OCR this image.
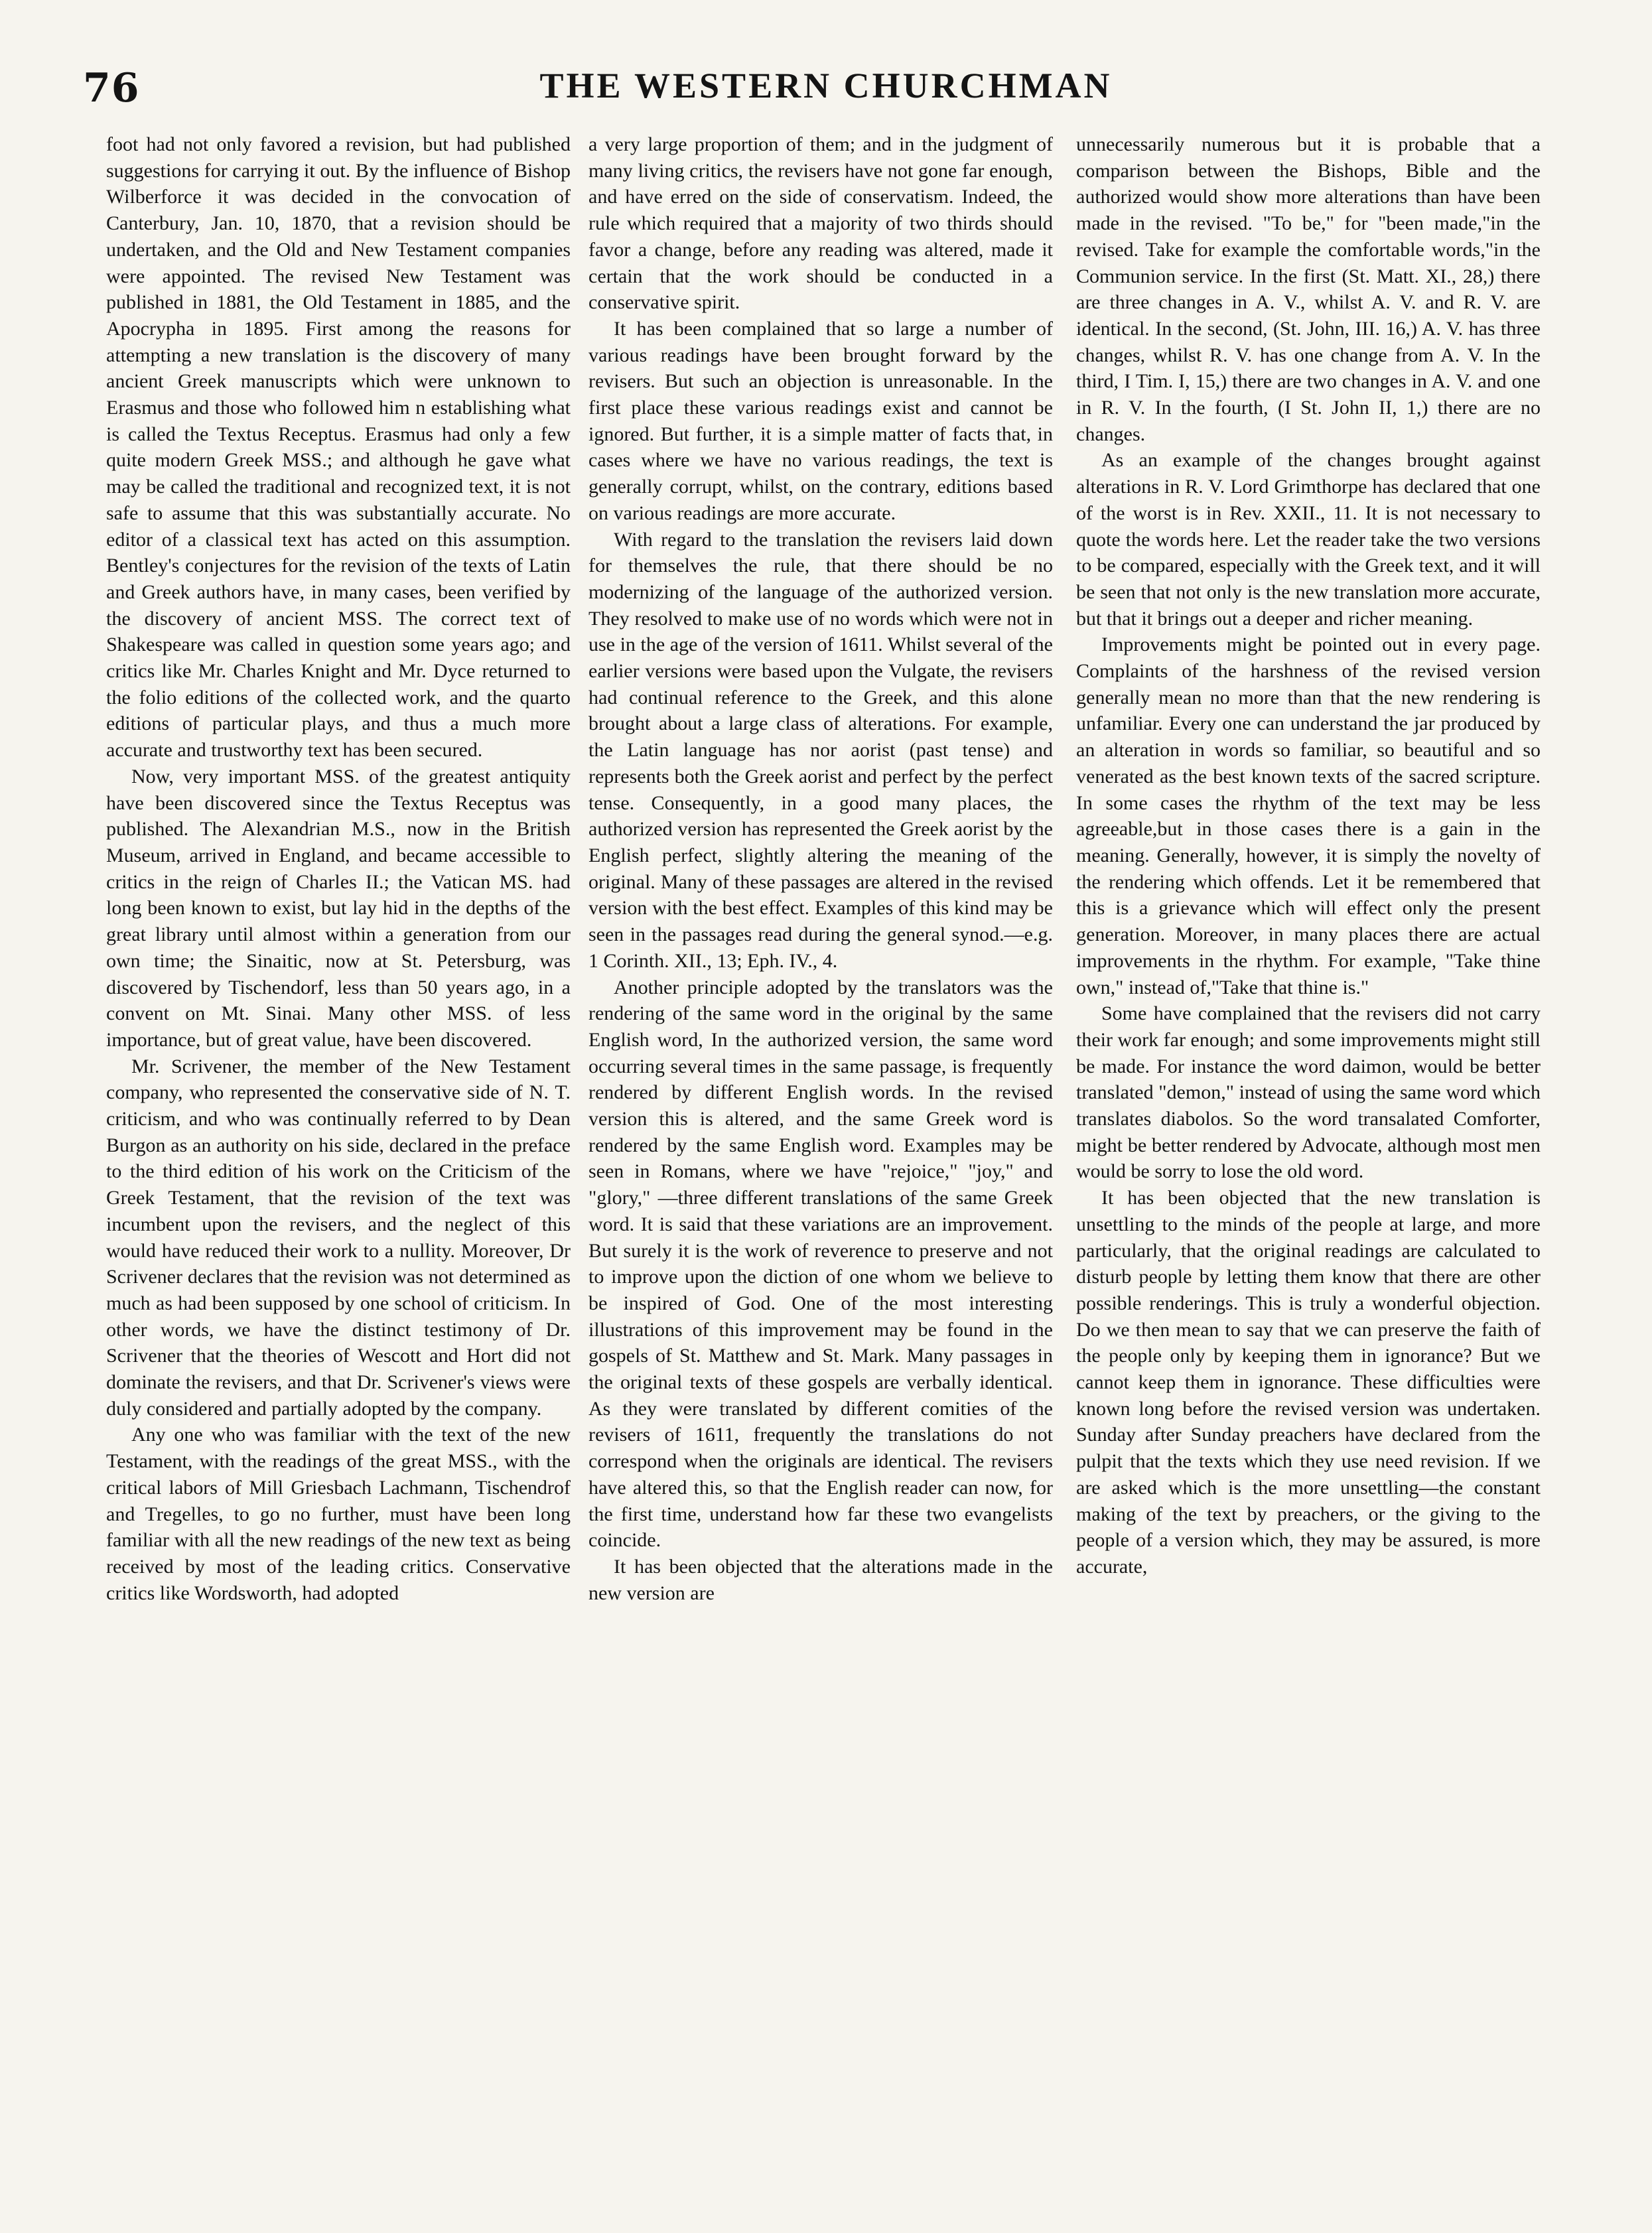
76	THE WESTERN CHURCHMAN

foot had not only favored a revision, but had published suggestions for carrying it out. By the influence of Bishop Wilberforce it was decided in the convocation of Canterbury, Jan. 10, 1870, that a revision should be undertaken, and the Old and New Testament companies were appointed. The revised New Testament was published in 1881, the Old Testament in 1885, and the Apocrypha in 1895. First among the reasons for attempting a new translation is the discovery of many ancient Greek manuscripts which were unknown to Erasmus and those who followed him n establishing what is called the Textus Receptus. Erasmus had only a few quite modern Greek MSS.; and although he gave what may be called the traditional and recognized text, it is not safe to assume that this was substantially accurate. No editor of a classical text has acted on this assumption. Bentley's conjectures for the revision of the texts of Latin and Greek authors have, in many cases, been verified by the discovery of ancient MSS. The correct text of Shakespeare was called in question some years ago; and critics like Mr. Charles Knight and Mr. Dyce returned to the folio editions of the collected work, and the quarto editions of particular plays, and thus a much more accurate and trustworthy text has been secured.

Now, very important MSS. of the greatest antiquity have been discovered since the Textus Receptus was published. The Alexandrian M.S., now in the British Museum, arrived in England, and became accessible to critics in the reign of Charles II.; the Vatican MS. had long been known to exist, but lay hid in the depths of the great library until almost within a generation from our own time; the Sinaitic, now at St. Petersburg, was discovered by Tischendorf, less than 50 years ago, in a convent on Mt. Sinai. Many other MSS. of less importance, but of great value, have been discovered.

Mr. Scrivener, the member of the New Testament company, who represented the conservative side of N. T. criticism, and who was continually referred to by Dean Burgon as an authority on his side, declared in the preface to the third edition of his work on the Criticism of the Greek Testament, that the revision of the text was incumbent upon the revisers, and the neglect of this would have reduced their work to a nullity. Moreover, Dr Scrivener declares that the revision was not determined as much as had been supposed by one school of criticism. In other words, we have the distinct testimony of Dr. Scrivener that the theories of Wescott and Hort did not dominate the revisers, and that Dr. Scrivener's views were duly considered and partially adopted by the company.

Any one who was familiar with the text of the new Testament, with the readings of the great MSS., with the critical labors of Mill Griesbach Lachmann, Tischendrof and Tregelles, to go no further, must have been long familiar with all the new readings of the new text as being received by most of the leading critics. Conservative critics like Wordsworth, had adopted

a very large proportion of them; and in the judgment of many living critics, the revisers have not gone far enough, and have erred on the side of conservatism. Indeed, the rule which required that a majority of two thirds should favor a change, before any reading was altered, made it certain that the work should be conducted in a conservative spirit.

It has been complained that so large a number of various readings have been brought forward by the revisers. But such an objection is unreasonable. In the first place these various readings exist and cannot be ignored. But further, it is a simple matter of facts that, in cases where we have no various readings, the text is generally corrupt, whilst, on the contrary, editions based on various readings are more accurate.

With regard to the translation the revisers laid down for themselves the rule, that there should be no modernizing of the language of the authorized version. They resolved to make use of no words which were not in use in the age of the version of 1611. Whilst several of the earlier versions were based upon the Vulgate, the revisers had continual reference to the Greek, and this alone brought about a large class of alterations. For example, the Latin language has nor aorist (past tense) and represents both the Greek aorist and perfect by the perfect tense. Consequently, in a good many places, the authorized version has represented the Greek aorist by the English perfect, slightly altering the meaning of the original. Many of these passages are altered in the revised version with the best effect. Examples of this kind may be seen in the passages read during the general synod.—e.g. 1 Corinth. XII., 13; Eph. IV., 4.

Another principle adopted by the translators was the rendering of the same word in the original by the same English word, In the authorized version, the same word occurring several times in the same passage, is frequently rendered by different English words. In the revised version this is altered, and the same Greek word is rendered by the same English word. Examples may be seen in Romans, where we have "rejoice," "joy," and "glory," —three different translations of the same Greek word. It is said that these variations are an improvement. But surely it is the work of reverence to preserve and not to improve upon the diction of one whom we believe to be inspired of God. One of the most interesting illustrations of this improvement may be found in the gospels of St. Matthew and St. Mark. Many passages in the original texts of these gospels are verbally identical. As they were translated by different comities of the revisers of 1611, frequently the translations do not correspond when the originals are identical. The revisers have altered this, so that the English reader can now, for the first time, understand how far these two evangelists coincide.

It has been objected that the alterations made in the new version are

unnecessarily numerous but it is probable that a comparison between the Bishops, Bible and the authorized would show more alterations than have been made in the revised. "To be," for "been made,"in the revised. Take for example the comfortable words,"in the Communion service. In the first (St. Matt. XI., 28,) there are three changes in A. V., whilst A. V. and R. V. are identical. In the second, (St. John, III. 16,) A. V. has three changes, whilst R. V. has one change from A. V. In the third, I Tim. I, 15,) there are two changes in A. V. and one in R. V. In the fourth, (I St. John II, 1,) there are no changes.

As an example of the changes brought against alterations in R. V. Lord Grimthorpe has declared that one of the worst is in Rev. XXII., 11. It is not necessary to quote the words here. Let the reader take the two versions to be compared, especially with the Greek text, and it will be seen that not only is the new translation more accurate, but that it brings out a deeper and richer meaning.

Improvements might be pointed out in every page. Complaints of the harshness of the revised version generally mean no more than that the new rendering is unfamiliar. Every one can understand the jar produced by an alteration in words so familiar, so beautiful and so venerated as the best known texts of the sacred scripture. In some cases the rhythm of the text may be less agreeable,but in those cases there is a gain in the meaning. Generally, however, it is simply the novelty of the rendering which offends. Let it be remembered that this is a grievance which will effect only the present generation. Moreover, in many places there are actual improvements in the rhythm. For example, "Take thine own," instead of,"Take that thine is."

Some have complained that the revisers did not carry their work far enough; and some improvements might still be made. For instance the word daimon, would be better translated "demon," instead of using the same word which translates diabolos. So the word transalated Comforter, might be better rendered by Advocate, although most men would be sorry to lose the old word.

It has been objected that the new translation is unsettling to the minds of the people at large, and more particularly, that the original readings are calculated to disturb people by letting them know that there are other possible renderings. This is truly a wonderful objection. Do we then mean to say that we can preserve the faith of the people only by keeping them in ignorance? But we cannot keep them in ignorance. These difficulties were known long before the revised version was undertaken. Sunday after Sunday preachers have declared from the pulpit that the texts which they use need revision. If we are asked which is the more unsettling—the constant making of the text by preachers, or the giving to the people of a version which, they may be assured, is more accurate,
